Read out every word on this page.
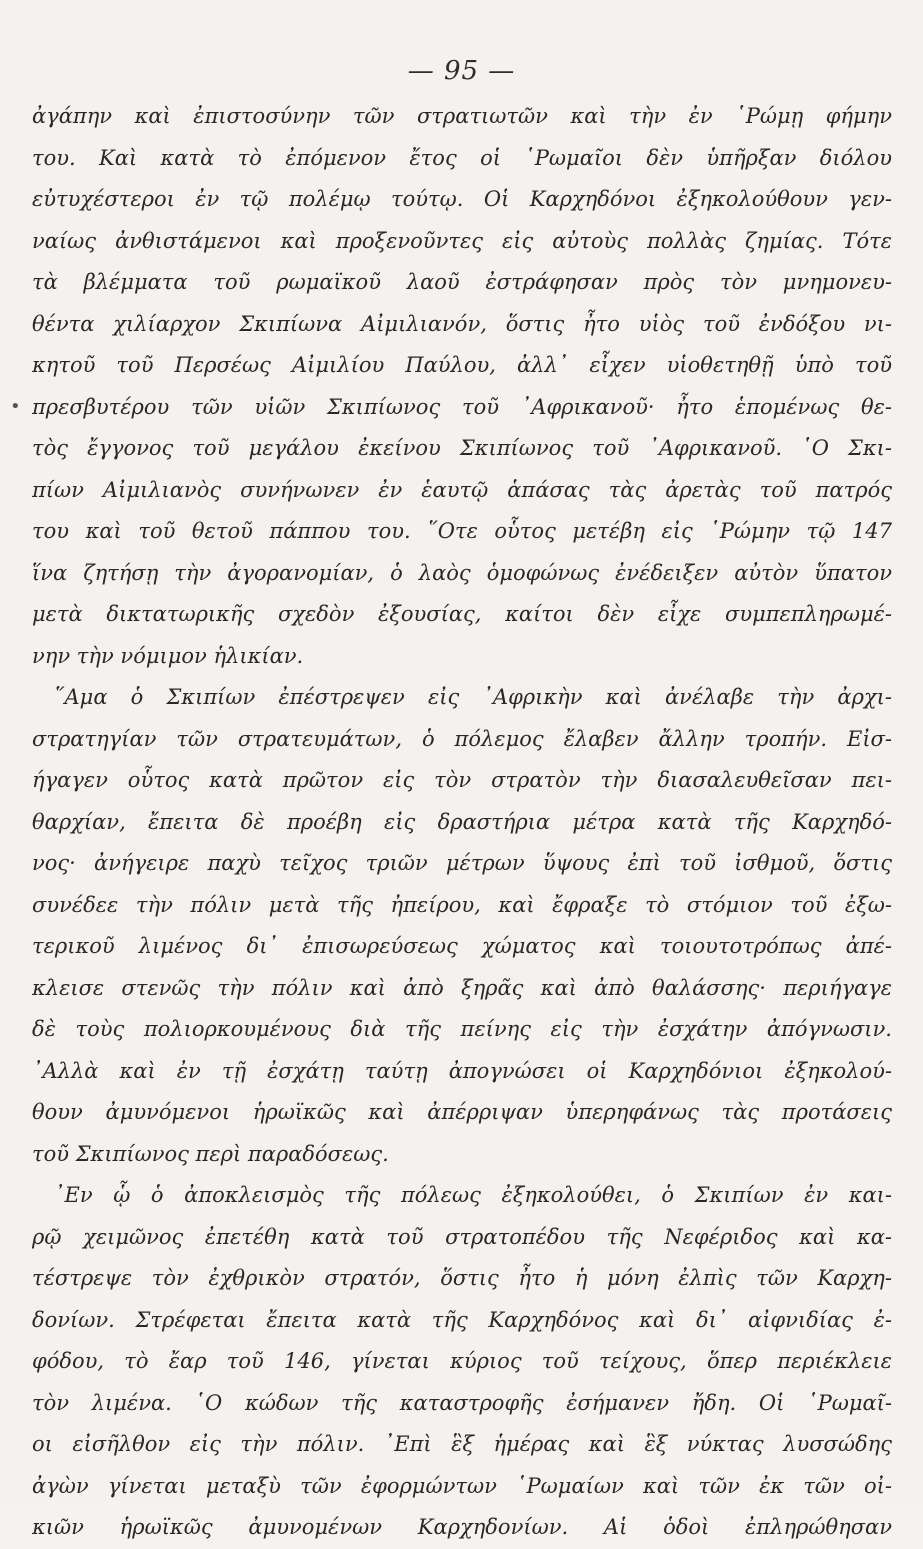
— 95 —
•
ἀγάπην καὶ ἐπιστοσύνην τῶν στρατιωτῶν καὶ τὴν ἐν ῾Ρώμῃ φήμην
του. Καὶ κατὰ τὸ ἐπόμενον ἔτος οἱ ῾Ρωμαῖοι δὲν ὑπῆρξαν διόλου
εὐτυχέστεροι ἐν τῷ πολέμῳ τούτῳ. Οἱ Καρχηδόνοι ἐξηκολούθουν γεν-
ναίως ἀνθιστάμενοι καὶ προξενοῦντες εἰς αὐτοὺς πολλὰς ζημίας. Τότε
τὰ βλέμματα τοῦ ρωμαϊκοῦ λαοῦ ἐστράφησαν πρὸς τὸν μνημονευ-
θέντα χιλίαρχον Σκιπίωνα Αἰμιλιανόν, ὅστις ἦτο υἱὸς τοῦ ἐνδόξου νι-
κητοῦ τοῦ Περσέως Αἰμιλίου Παύλου, ἀλλ᾽ εἶχεν υἱοθετηθῇ ὑπὸ τοῦ
πρεσβυτέρου τῶν υἱῶν Σκιπίωνος τοῦ ᾽Αφρικανοῦ· ἦτο ἑπομένως θε-
τὸς ἔγγονος τοῦ μεγάλου ἐκείνου Σκιπίωνος τοῦ ᾽Αφρικανοῦ. ῾Ο Σκι-
πίων Αἰμιλιανὸς συνήνωνεν ἐν ἑαυτῷ ἁπάσας τὰς ἀρετὰς τοῦ πατρός
του καὶ τοῦ θετοῦ πάππου του. ῞Οτε οὗτος μετέβη εἰς ῾Ρώμην τῷ 147
ἵνα ζητήσῃ τὴν ἀγορανομίαν, ὁ λαὸς ὁμοφώνως ἐνέδειξεν αὐτὸν ὕπατον
μετὰ δικτατωρικῆς σχεδὸν ἐξουσίας, καίτοι δὲν εἶχε συμπεπληρωμέ-
νην τὴν νόμιμον ἡλικίαν.
῞Αμα ὁ Σκιπίων ἐπέστρεψεν εἰς ᾽Αφρικὴν καὶ ἀνέλαβε τὴν ἀρχι-
στρατηγίαν τῶν στρατευμάτων, ὁ πόλεμος ἔλαβεν ἄλλην τροπήν. Εἰσ-
ήγαγεν οὗτος κατὰ πρῶτον εἰς τὸν στρατὸν τὴν διασαλευθεῖσαν πει-
θαρχίαν, ἔπειτα δὲ προέβη εἰς δραστήρια μέτρα κατὰ τῆς Καρχηδό-
νος· ἀνήγειρε παχὺ τεῖχος τριῶν μέτρων ὕψους ἐπὶ τοῦ ἰσθμοῦ, ὅστις
συνέδεε τὴν πόλιν μετὰ τῆς ἠπείρου, καὶ ἔφραξε τὸ στόμιον τοῦ ἐξω-
τερικοῦ λιμένος δι᾽ ἐπισωρεύσεως χώματος καὶ τοιουτοτρόπως ἀπέ-
κλεισε στενῶς τὴν πόλιν καὶ ἀπὸ ξηρᾶς καὶ ἀπὸ θαλάσσης· περιήγαγε
δὲ τοὺς πολιορκουμένους διὰ τῆς πείνης εἰς τὴν ἐσχάτην ἀπόγνωσιν.
᾽Αλλὰ καὶ ἐν τῇ ἐσχάτῃ ταύτῃ ἀπογνώσει οἱ Καρχηδόνιοι ἐξηκολού-
θουν ἀμυνόμενοι ἡρωϊκῶς καὶ ἀπέρριψαν ὑπερηφάνως τὰς προτάσεις
τοῦ Σκιπίωνος περὶ παραδόσεως.
᾽Εν ᾧ ὁ ἀποκλεισμὸς τῆς πόλεως ἐξηκολούθει, ὁ Σκιπίων ἐν και-
ρῷ χειμῶνος ἐπετέθη κατὰ τοῦ στρατοπέδου τῆς Νεφέριδος καὶ κα-
τέστρεψε τὸν ἐχθρικὸν στρατόν, ὅστις ἦτο ἡ μόνη ἐλπὶς τῶν Καρχη-
δονίων. Στρέφεται ἔπειτα κατὰ τῆς Καρχηδόνος καὶ δι᾽ αἰφνιδίας ἐ-
φόδου, τὸ ἔαρ τοῦ 146, γίνεται κύριος τοῦ τείχους, ὅπερ περιέκλειε
τὸν λιμένα. ῾Ο κώδων τῆς καταστροφῆς ἐσήμανεν ἤδη. Οἱ ῾Ρωμαῖ-
οι εἰσῆλθον εἰς τὴν πόλιν. ᾽Επὶ ἓξ ἡμέρας καὶ ἓξ νύκτας λυσσώδης
ἀγὼν γίνεται μεταξὺ τῶν ἐφορμώντων ῾Ρωμαίων καὶ τῶν ἐκ τῶν οἰ-
κιῶν ἡρωϊκῶς ἀμυνομένων Καρχηδονίων. Αἱ ὁδοὶ ἐπληρώθησαν
